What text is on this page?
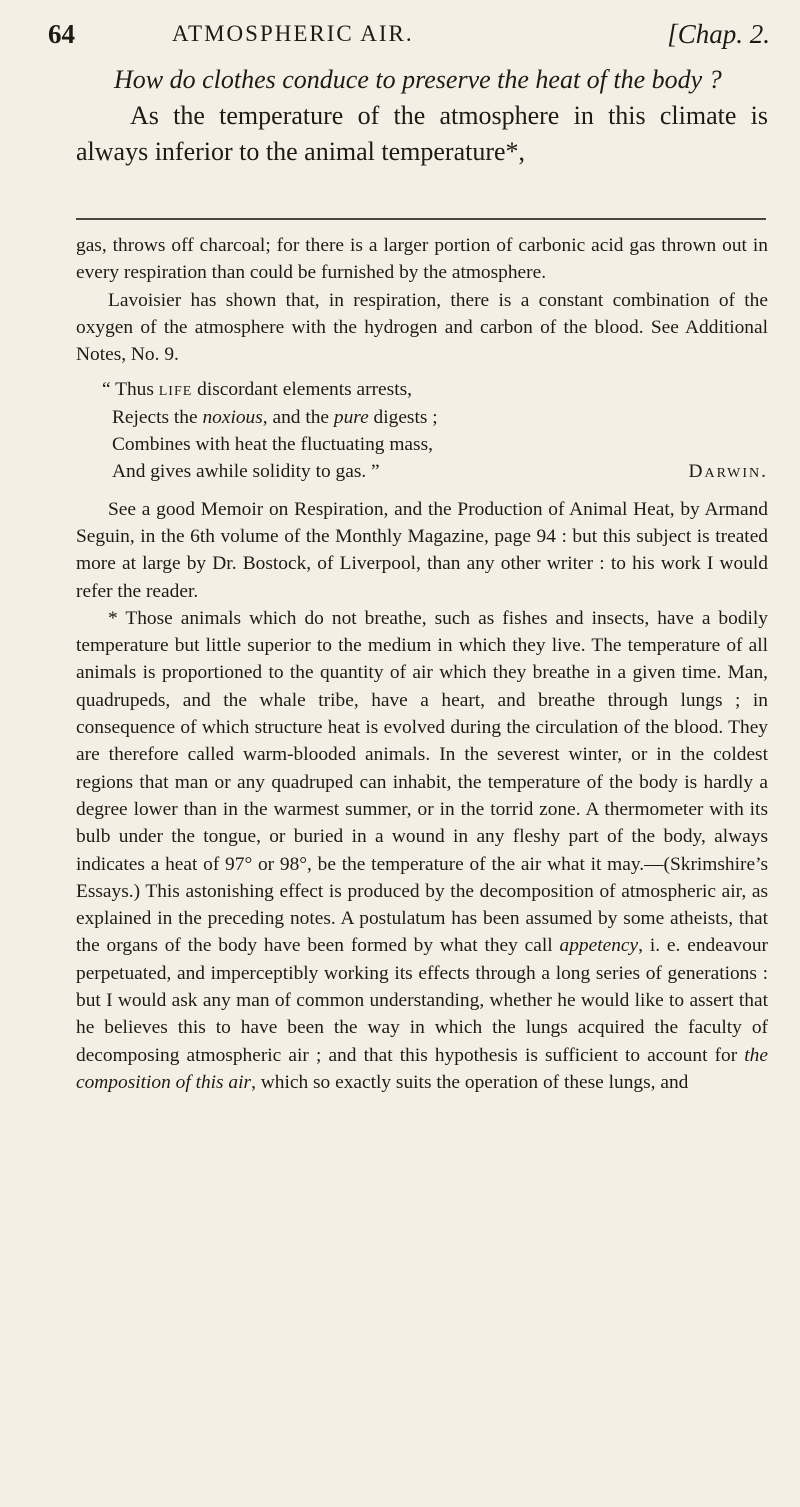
64	ATMOSPHERIC AIR.	[Chap. 2.

How do clothes conduce to preserve the heat of the body ?

As the temperature of the atmosphere in this climate is always inferior to the animal temperature*,

gas, throws off charcoal; for there is a larger portion of carbonic acid gas thrown out in every respiration than could be furnished by the atmosphere.

Lavoisier has shown that, in respiration, there is a constant combination of the oxygen of the atmosphere with the hydrogen and carbon of the blood. See Additional Notes, No. 9.

“ Thus life discordant elements arrests,
Rejects the noxious, and the pure digests ;
Combines with heat the fluctuating mass,
And gives awhile solidity to gas. ”	Darwin.

See a good Memoir on Respiration, and the Production of Animal Heat, by Armand Seguin, in the 6th volume of the Monthly Magazine, page 94 : but this subject is treated more at large by Dr. Bostock, of Liverpool, than any other writer : to his work I would refer the reader.

* Those animals which do not breathe, such as fishes and insects, have a bodily temperature but little superior to the medium in which they live. The temperature of all animals is proportioned to the quantity of air which they breathe in a given time. Man, quadrupeds, and the whale tribe, have a heart, and breathe through lungs ; in consequence of which structure heat is evolved during the circulation of the blood. They are therefore called warm-blooded animals. In the severest winter, or in the coldest regions that man or any quadruped can inhabit, the temperature of the body is hardly a degree lower than in the warmest summer, or in the torrid zone. A thermometer with its bulb under the tongue, or buried in a wound in any fleshy part of the body, always indicates a heat of 97° or 98°, be the temperature of the air what it may.—(Skrimshire’s Essays.) This astonishing effect is produced by the decomposition of atmospheric air, as explained in the preceding notes. A postulatum has been assumed by some atheists, that the organs of the body have been formed by what they call appetency, i. e. endeavour perpetuated, and imperceptibly working its effects through a long series of generations : but I would ask any man of common understanding, whether he would like to assert that he believes this to have been the way in which the lungs acquired the faculty of decomposing atmospheric air ; and that this hypothesis is sufficient to account for the composition of this air, which so exactly suits the operation of these lungs, and
